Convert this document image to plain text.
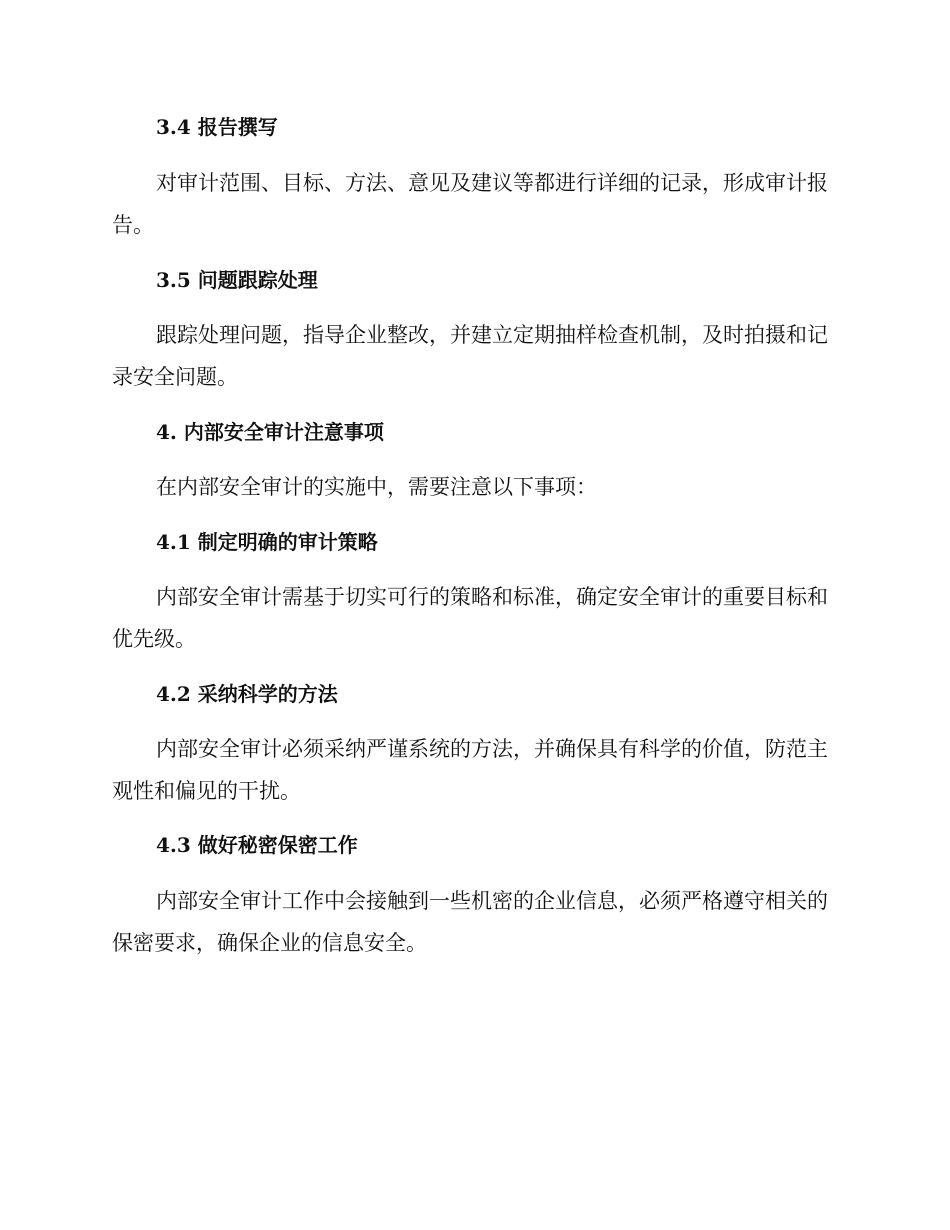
3.4 报告撰写
对审计范围、目标、方法、意见及建议等都进行详细的记录，形成审计报告。
3.5 问题跟踪处理
跟踪处理问题，指导企业整改，并建立定期抽样检查机制，及时拍摄和记录安全问题。
4. 内部安全审计注意事项
在内部安全审计的实施中，需要注意以下事项：
4.1 制定明确的审计策略
内部安全审计需基于切实可行的策略和标准，确定安全审计的重要目标和优先级。
4.2 采纳科学的方法
内部安全审计必须采纳严谨系统的方法，并确保具有科学的价值，防范主观性和偏见的干扰。
4.3 做好秘密保密工作
内部安全审计工作中会接触到一些机密的企业信息，必须严格遵守相关的保密要求，确保企业的信息安全。
